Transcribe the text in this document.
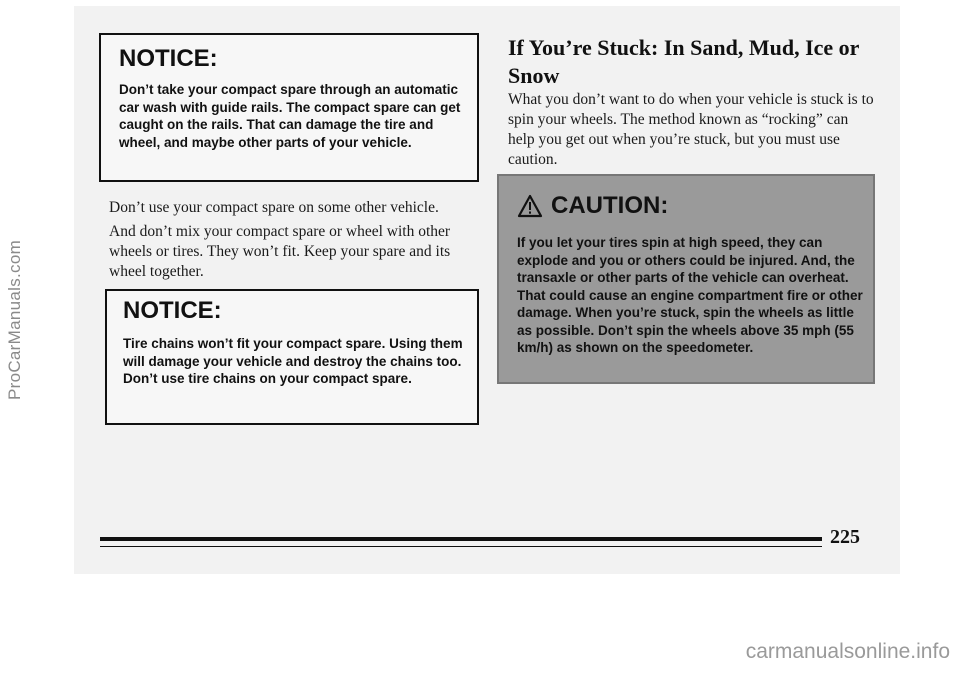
NOTICE:

Don’t take your compact spare through an automatic car wash with guide rails. The compact spare can get caught on the rails. That can damage the tire and wheel, and maybe other parts of your vehicle.

Don’t use your compact spare on some other vehicle.

And don’t mix your compact spare or wheel with other wheels or tires. They won’t fit. Keep your spare and its wheel together.

NOTICE:

Tire chains won’t fit your compact spare. Using them will damage your vehicle and destroy the chains too. Don’t use tire chains on your compact spare.

If You’re Stuck: In Sand, Mud, Ice or Snow

What you don’t want to do when your vehicle is stuck is to spin your wheels. The method known as “rocking” can help you get out when you’re stuck, but you must use caution.

CAUTION:

If you let your tires spin at high speed, they can explode and you or others could be injured. And, the transaxle or other parts of the vehicle can overheat. That could cause an engine compartment fire or other damage. When you’re stuck, spin the wheels as little as possible. Don’t spin the wheels above 35 mph (55 km/h) as shown on the speedometer.

225
ProCarManuals.com
carmanualsonline.info
